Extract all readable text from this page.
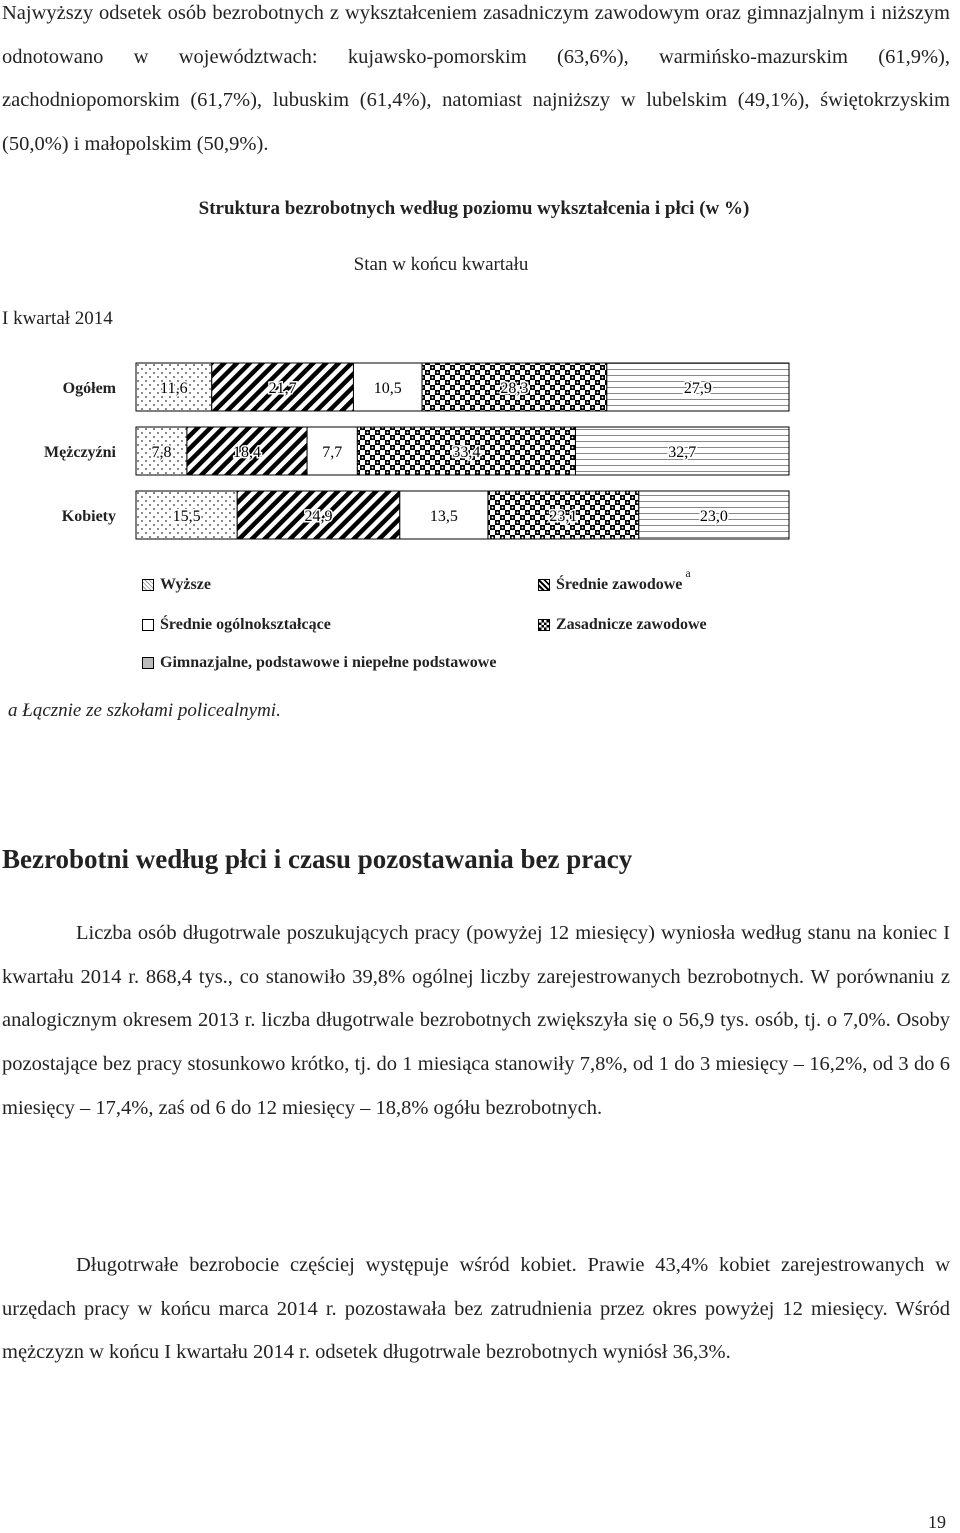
Najwyższy odsetek osób bezrobotnych z wykształceniem zasadniczym zawodowym oraz gimnazjalnym i niższym odnotowano w województwach: kujawsko-pomorskim (63,6%), warmińsko-mazurskim (61,9%), zachodniopomorskim (61,7%), lubuskim (61,4%), natomiast najniższy w lubelskim (49,1%), świętokrzyskim (50,0%) i małopolskim (50,9%).

Struktura bezrobotnych według poziomu wykształcenia i płci (w %)
Stan w końcu kwartału
I kwartał 2014
Ogółem	11,6	21,7	10,5	28,3	27,9
Mężczyźni 7,8	18,4	7,7	33,4	32,7
Kobiety	15,5	24,9	13,5	23,1	23,0
Wyższe	Średnie zawodowe
a
Średnie ogólnokształcące	Zasadnicze zawodowe
Gimnazjalne, podstawowe i niepełne podstawowe
a Łącznie ze szkołami policealnymi.
Bezrobotni według płci i czasu pozostawania bez pracy

Liczba osób długotrwale poszukujących pracy (powyżej 12 miesięcy) wyniosła według stanu na koniec I kwartału 2014 r. 868,4 tys., co stanowiło 39,8% ogólnej liczby zarejestrowanych bezrobotnych. W porównaniu z analogicznym okresem 2013 r. liczba długotrwale bezrobotnych zwiększyła się o 56,9 tys. osób, tj. o 7,0%. Osoby pozostające bez pracy stosunkowo krótko, tj. do 1 miesiąca stanowiły 7,8%, od 1 do 3 miesięcy – 16,2%, od 3 do 6 miesięcy – 17,4%, zaś od 6 do 12 miesięcy – 18,8% ogółu bezrobotnych.

Długotrwałe bezrobocie częściej występuje wśród kobiet. Prawie 43,4% kobiet zarejestrowanych w urzędach pracy w końcu marca 2014 r. pozostawała bez zatrudnienia przez okres powyżej 12 miesięcy. Wśród mężczyzn w końcu I kwartału 2014 r. odsetek długotrwale bezrobotnych wyniósł 36,3%.

19
